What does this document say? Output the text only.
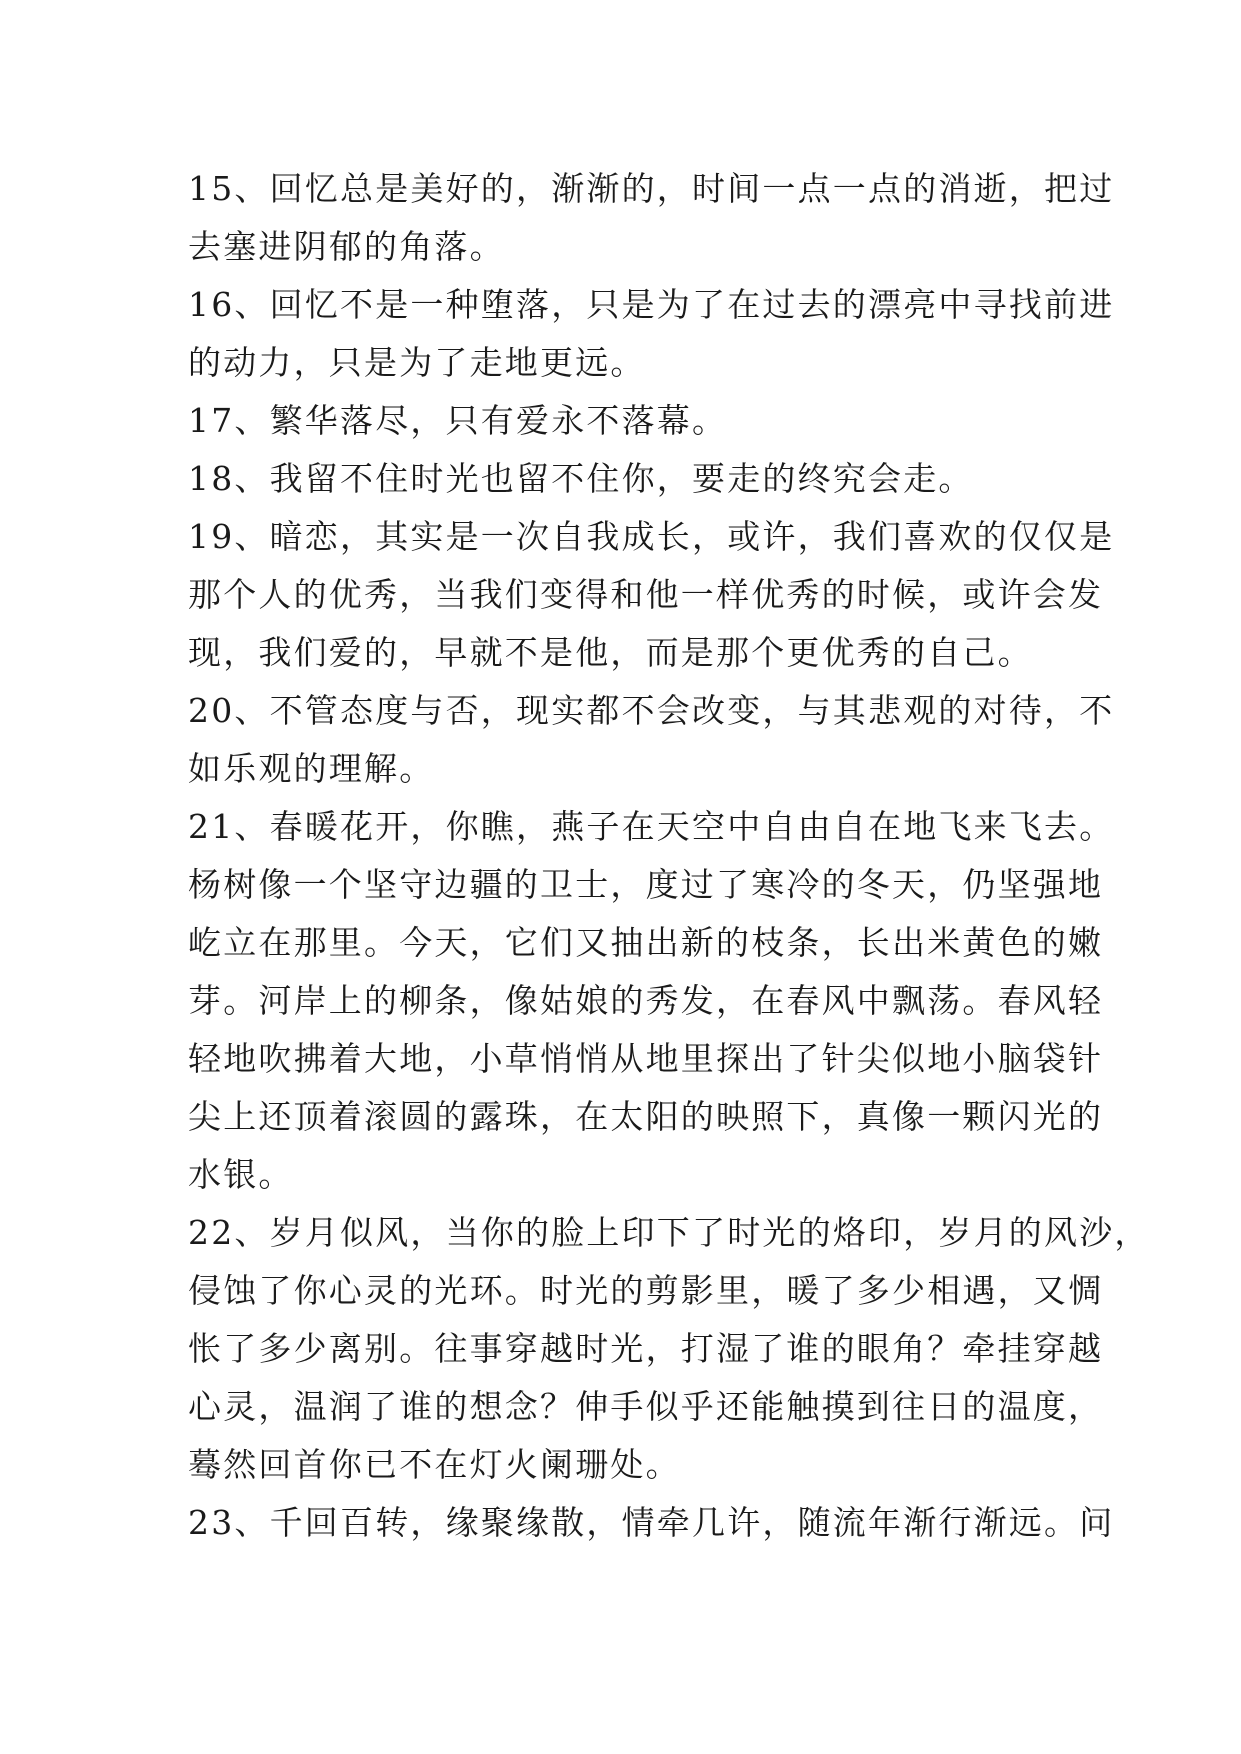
15、回忆总是美好的，渐渐的，时间一点一点的消逝，把过
去塞进阴郁的角落。
16、回忆不是一种堕落，只是为了在过去的漂亮中寻找前进
的动力，只是为了走地更远。
17、繁华落尽，只有爱永不落幕。
18、我留不住时光也留不住你，要走的终究会走。
19、暗恋，其实是一次自我成长，或许，我们喜欢的仅仅是
那个人的优秀，当我们变得和他一样优秀的时候，或许会发
现，我们爱的，早就不是他，而是那个更优秀的自己。
20、不管态度与否，现实都不会改变，与其悲观的对待，不
如乐观的理解。
21、春暖花开，你瞧，燕子在天空中自由自在地飞来飞去。
杨树像一个坚守边疆的卫士，度过了寒冷的冬天，仍坚强地
屹立在那里。今天，它们又抽出新的枝条，长出米黄色的嫩
芽。河岸上的柳条，像姑娘的秀发，在春风中飘荡。春风轻
轻地吹拂着大地，小草悄悄从地里探出了针尖似地小脑袋针
尖上还顶着滚圆的露珠，在太阳的映照下，真像一颗闪光的
水银。
22、岁月似风，当你的脸上印下了时光的烙印，岁月的风沙，
侵蚀了你心灵的光环。时光的剪影里，暖了多少相遇，又惆
怅了多少离别。往事穿越时光，打湿了谁的眼角？牵挂穿越
心灵，温润了谁的想念？伸手似乎还能触摸到往日的温度，
蓦然回首你已不在灯火阑珊处。
23、千回百转，缘聚缘散，情牵几许，随流年渐行渐远。问
